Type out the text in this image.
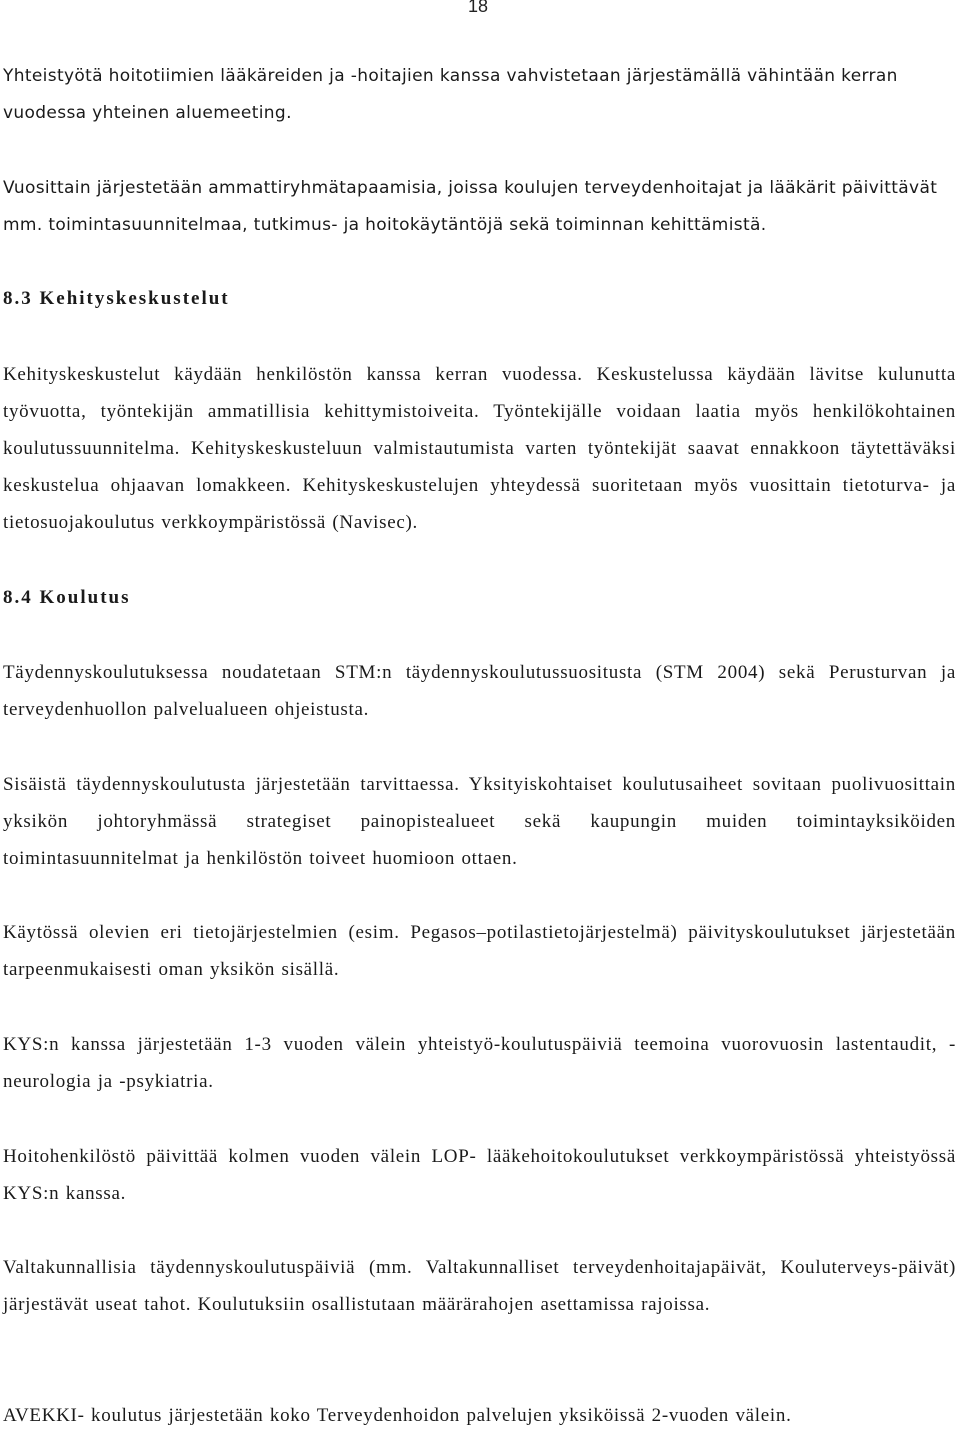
18

Yhteistyötä hoitotiimien lääkäreiden ja -hoitajien kanssa vahvistetaan järjestämällä vähintään kerran vuodessa yhteinen aluemeeting.

Vuosittain järjestetään ammattiryhmätapaamisia, joissa koulujen terveydenhoitajat ja lääkärit päivittävät mm. toimintasuunnitelmaa, tutkimus- ja hoitokäytäntöjä sekä toiminnan kehittämistä.

8.3 Kehityskeskustelut

Kehityskeskustelut käydään henkilöstön kanssa kerran vuodessa. Keskustelussa käydään lävitse kulunutta työvuotta, työntekijän ammatillisia kehittymistoiveita. Työntekijälle voidaan laatia myös henkilökohtainen koulutussuunnitelma. Kehityskeskusteluun valmistautumista varten työntekijät saavat ennakkoon täytettäväksi keskustelua ohjaavan lomakkeen. Kehityskeskustelujen yhteydessä suoritetaan myös vuosittain tietoturva- ja tietosuojakoulutus verkkoympäristössä (Navisec).

8.4 Koulutus

Täydennyskoulutuksessa noudatetaan STM:n täydennyskoulutussuositusta (STM 2004) sekä Perusturvan ja terveydenhuollon palvelualueen ohjeistusta.

Sisäistä täydennyskoulutusta järjestetään tarvittaessa. Yksityiskohtaiset koulutusaiheet sovitaan puolivuosittain yksikön johtoryhmässä strategiset painopistealueet sekä kaupungin muiden toimintayksiköiden toimintasuunnitelmat ja henkilöstön toiveet huomioon ottaen.

Käytössä olevien eri tietojärjestelmien (esim. Pegasos–potilastietojärjestelmä) päivityskoulutukset järjestetään tarpeenmukaisesti oman yksikön sisällä.

KYS:n kanssa järjestetään 1-3 vuoden välein yhteistyö-koulutuspäiviä teemoina vuorovuosin lastentaudit, -neurologia ja -psykiatria.

Hoitohenkilöstö päivittää kolmen vuoden välein LOP- lääkehoitokoulutukset verkkoympäristössä yhteistyössä KYS:n kanssa.

Valtakunnallisia täydennyskoulutuspäiviä (mm. Valtakunnalliset terveydenhoitajapäivät, Kouluterveys-päivät) järjestävät useat tahot. Koulutuksiin osallistutaan määrärahojen asettamissa rajoissa.

AVEKKI- koulutus järjestetään koko Terveydenhoidon palvelujen yksiköissä 2-vuoden välein.
